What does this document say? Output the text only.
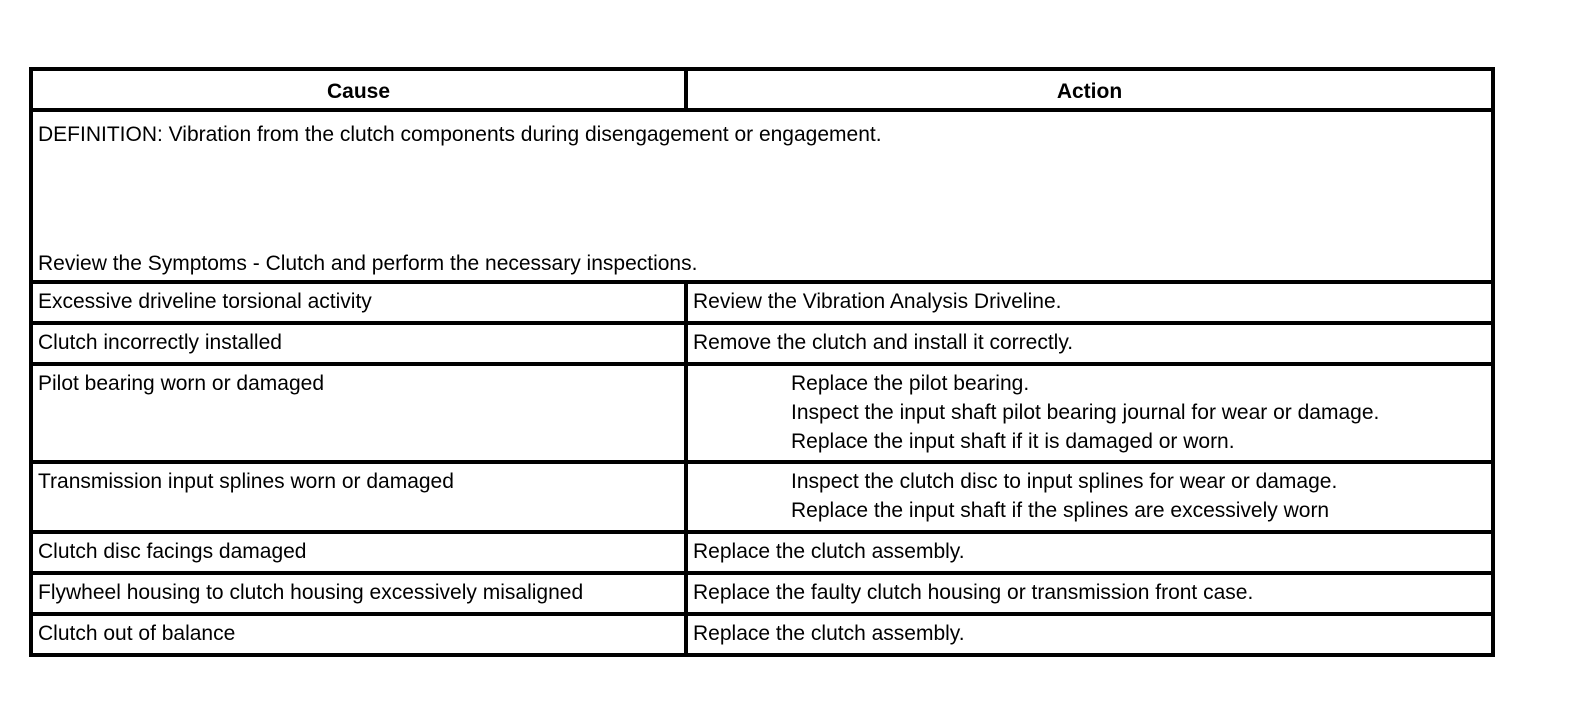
Cause	Action

DEFINITION: Vibration from the clutch components during disengagement or engagement.
Review the Symptoms - Clutch and perform the necessary inspections.	

Excessive driveline torsional activity	Review the Vibration Analysis Driveline.

Clutch incorrectly installed	Remove the clutch and install it correctly.

Pilot bearing worn or damaged	Replace the pilot bearing.
Inspect the input shaft pilot bearing journal for wear or damage.
Replace the input shaft if it is damaged or worn.

Transmission input splines worn or damaged	Inspect the clutch disc to input splines for wear or damage.
Replace the input shaft if the splines are excessively worn

Clutch disc facings damaged	Replace the clutch assembly.

Flywheel housing to clutch housing excessively misaligned	Replace the faulty clutch housing or transmission front case.

Clutch out of balance	Replace the clutch assembly.
